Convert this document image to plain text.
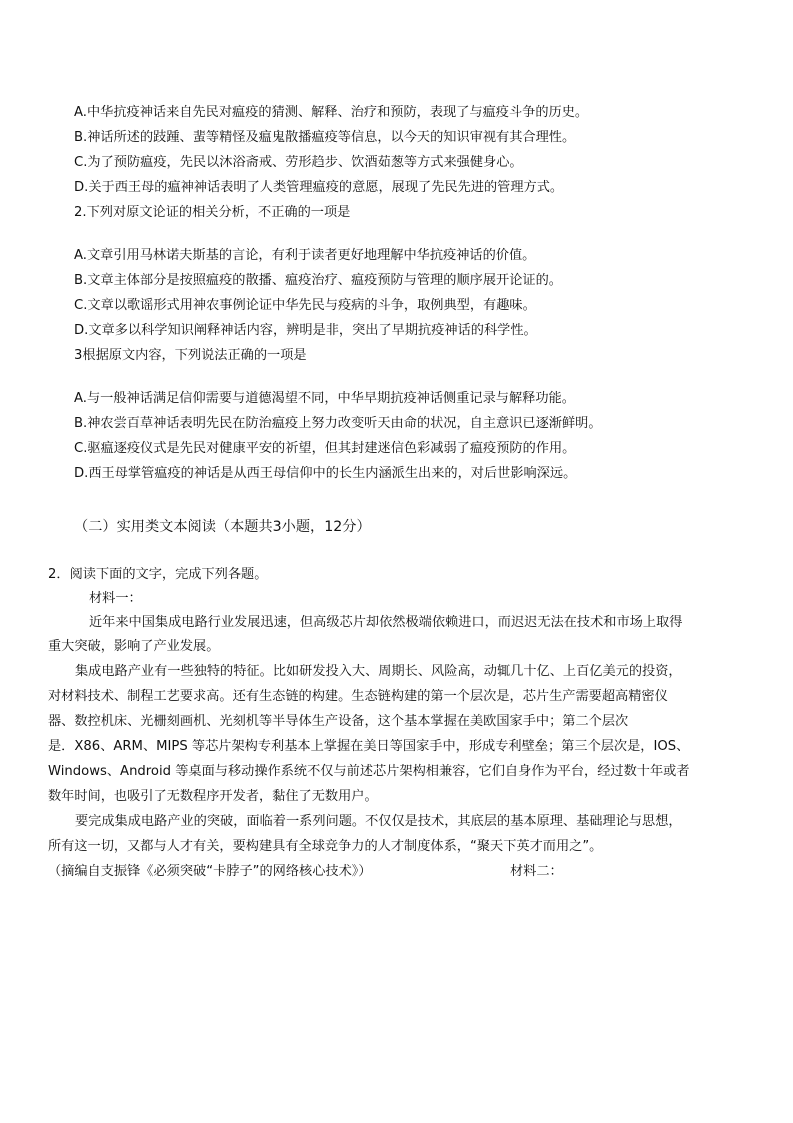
A.中华抗疫神话来自先民对瘟疫的猜测、解释、治疗和预防，表现了与瘟疫斗争的历史。
B.神话所述的跂踵、蜚等精怪及瘟鬼散播瘟疫等信息，以今天的知识审视有其合理性。
C.为了预防瘟疫，先民以沐浴斋戒、劳形趋步、饮酒茹葱等方式来强健身心。
D.关于西王母的瘟神神话表明了人类管理瘟疫的意愿，展现了先民先进的管理方式。
2.下列对原文论证的相关分析，不正确的一项是
A.文章引用马林诺夫斯基的言论，有利于读者更好地理解中华抗疫神话的价值。
B.文章主体部分是按照瘟疫的散播、瘟疫治疗、瘟疫预防与管理的顺序展开论证的。
C.文章以歌谣形式用神农事例论证中华先民与疫病的斗争，取例典型，有趣味。
D.文章多以科学知识阐释神话内容，辨明是非，突出了早期抗疫神话的科学性。
3根据原文内容，下列说法正确的一项是
A.与一般神话满足信仰需要与道德渴望不同，中华早期抗疫神话侧重记录与解释功能。
B.神农尝百草神话表明先民在防治瘟疫上努力改变听天由命的状况，自主意识已逐渐鲜明。
C.驱瘟逐疫仪式是先民对健康平安的祈望，但其封建迷信色彩减弱了瘟疫预防的作用。
D.西王母掌管瘟疫的神话是从西王母信仰中的长生内涵派生出来的，对后世影响深远。
（二）实用类文本阅读（本题共3小题，12分）
2．阅读下面的文字，完成下列各题。
材料一：
近年来中国集成电路行业发展迅速，但高级芯片却依然极端依赖进口，而迟迟无法在技术和市场上取得
重大突破，影响了产业发展。
集成电路产业有一些独特的特征。比如研发投入大、周期长、风险高，动辄几十亿、上百亿美元的投资，
对材料技术、制程工艺要求高。还有生态链的构建。生态链构建的第一个层次是，芯片生产需要超高精密仪
器、数控机床、光栅刻画机、光刻机等半导体生产设备，这个基本掌握在美欧国家手中；第二个层次
是．X86、ARM、MIPS 等芯片架构专利基本上掌握在美日等国家手中，形成专利壁垒；第三个层次是，IOS、
Windows、Android 等桌面与移动操作系统不仅与前述芯片架构相兼容，它们自身作为平台，经过数十年或者
数年时间，也吸引了无数程序开发者，黏住了无数用户。
要完成集成电路产业的突破，面临着一系列问题。不仅仅是技术，其底层的基本原理、基础理论与思想，
所有这一切，又都与人才有关，要构建具有全球竞争力的人才制度体系，“聚天下英才而用之”。
（摘编自支振锋《必须突破“卡脖子”的网络核心技术》）	材料二：
